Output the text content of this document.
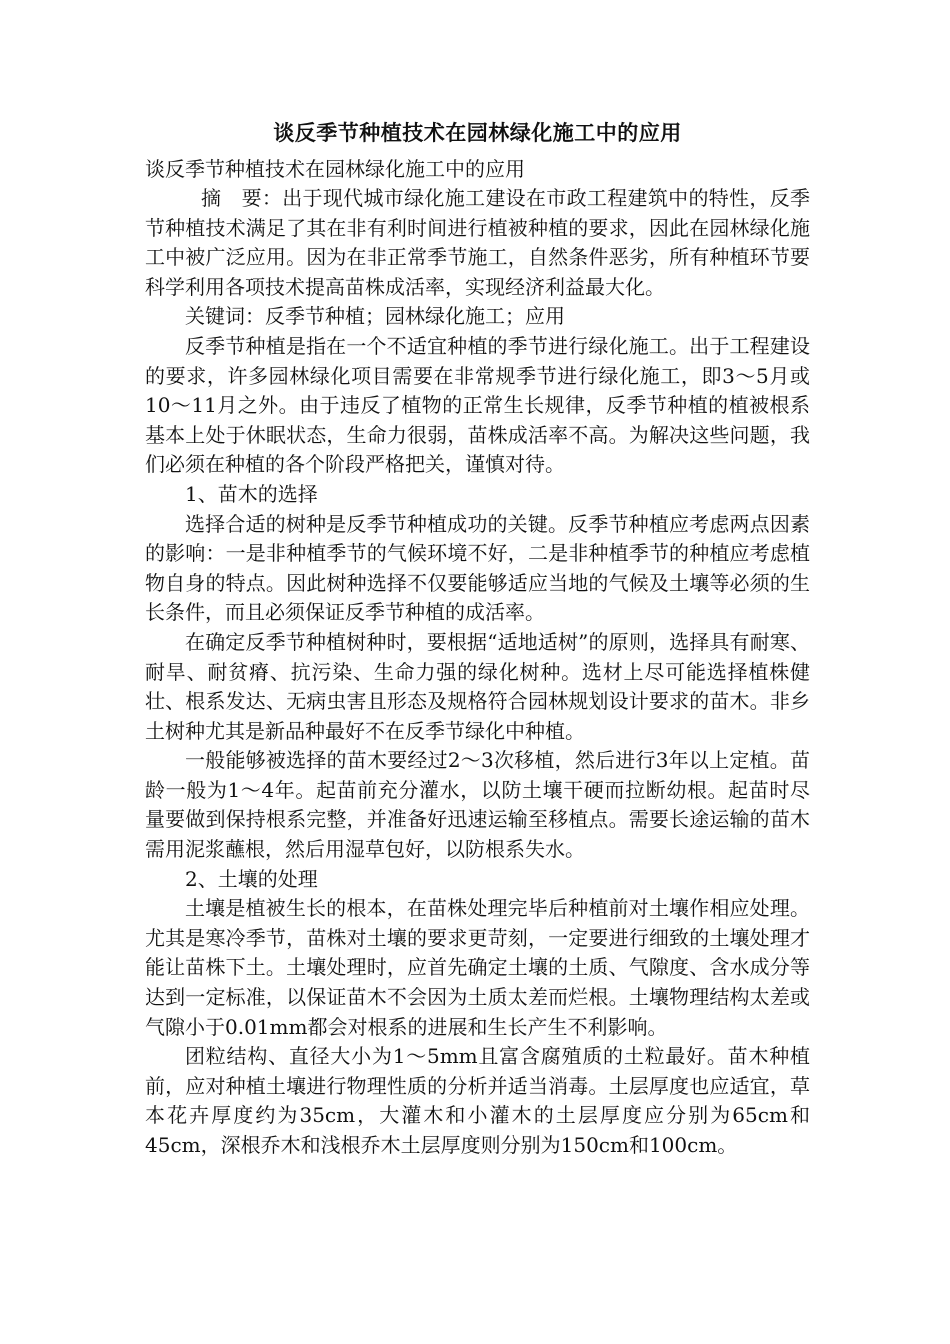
谈反季节种植技术在园林绿化施工中的应用

谈反季节种植技术在园林绿化施工中的应用

摘　要：出于现代城市绿化施工建设在市政工程建筑中的特性，反季节种植技术满足了其在非有利时间进行植被种植的要求，因此在园林绿化施工中被广泛应用。因为在非正常季节施工，自然条件恶劣，所有种植环节要科学利用各项技术提高苗株成活率，实现经济利益最大化。

关键词：反季节种植；园林绿化施工；应用

反季节种植是指在一个不适宜种植的季节进行绿化施工。出于工程建设的要求，许多园林绿化项目需要在非常规季节进行绿化施工，即3～5月或10～11月之外。由于违反了植物的正常生长规律，反季节种植的植被根系基本上处于休眠状态，生命力很弱，苗株成活率不高。为解决这些问题，我们必须在种植的各个阶段严格把关，谨慎对待。

1、苗木的选择

选择合适的树种是反季节种植成功的关键。反季节种植应考虑两点因素的影响：一是非种植季节的气候环境不好，二是非种植季节的种植应考虑植物自身的特点。因此树种选择不仅要能够适应当地的气候及土壤等必须的生长条件，而且必须保证反季节种植的成活率。

在确定反季节种植树种时，要根据“适地适树”的原则，选择具有耐寒、耐旱、耐贫瘠、抗污染、生命力强的绿化树种。选材上尽可能选择植株健壮、根系发达、无病虫害且形态及规格符合园林规划设计要求的苗木。非乡土树种尤其是新品种最好不在反季节绿化中种植。

一般能够被选择的苗木要经过2～3次移植，然后进行3年以上定植。苗龄一般为1～4年。起苗前充分灌水，以防土壤干硬而拉断幼根。起苗时尽量要做到保持根系完整，并准备好迅速运输至移植点。需要长途运输的苗木需用泥浆蘸根，然后用湿草包好，以防根系失水。

2、土壤的处理

土壤是植被生长的根本，在苗株处理完毕后种植前对土壤作相应处理。尤其是寒冷季节，苗株对土壤的要求更苛刻，一定要进行细致的土壤处理才能让苗株下土。土壤处理时，应首先确定土壤的土质、气隙度、含水成分等达到一定标准，以保证苗木不会因为土质太差而烂根。土壤物理结构太差或气隙小于0.01mm都会对根系的进展和生长产生不利影响。

团粒结构、直径大小为1～5mm且富含腐殖质的土粒最好。苗木种植前，应对种植土壤进行物理性质的分析并适当消毒。土层厚度也应适宜，草本花卉厚度约为35cm，大灌木和小灌木的土层厚度应分别为65cm和45cm，深根乔木和浅根乔木土层厚度则分别为150cm和100cm。
